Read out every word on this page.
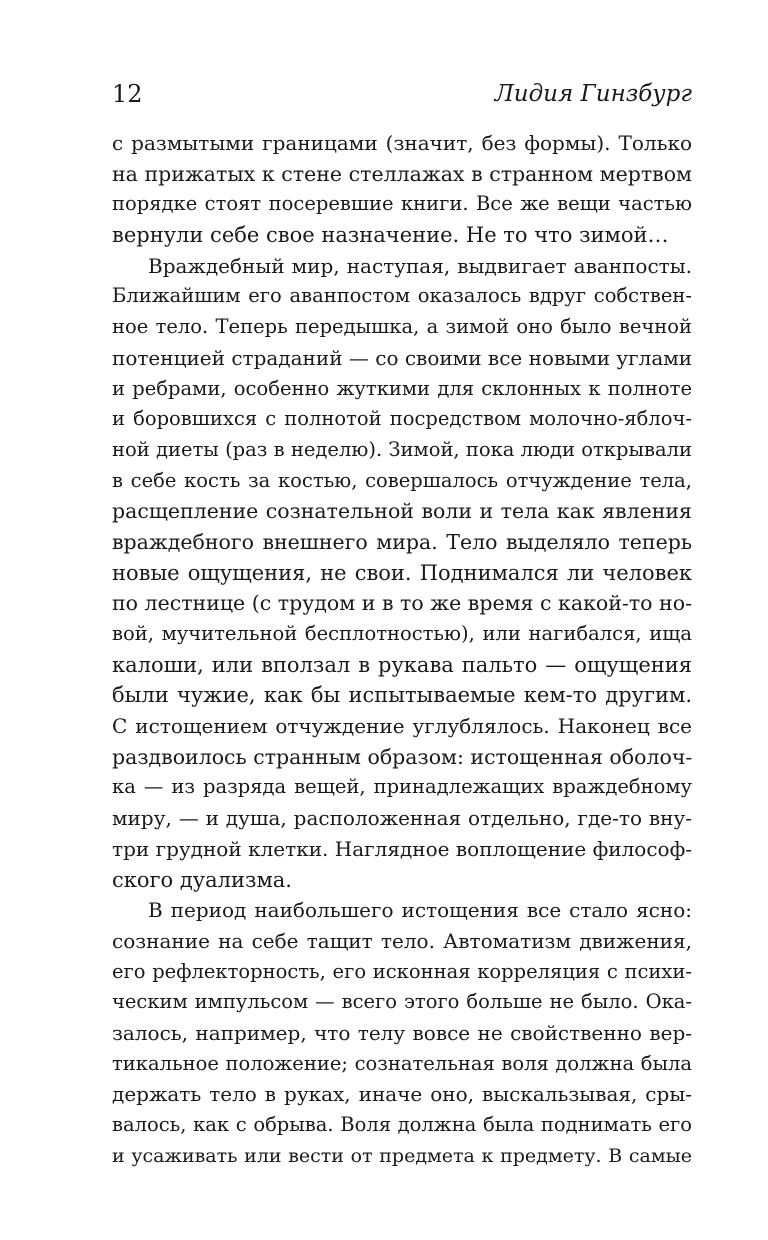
12	Лидия Гинзбург
с размытыми границами (значит, без формы). Только
на прижатых к стене стеллажах в странном мертвом
порядке стоят посеревшие книги. Все же вещи частью
вернули себе свое назначение. Не то что зимой…
Враждебный мир, наступая, выдвигает аванпосты.
Ближайшим его аванпостом оказалось вдруг собствен-
ное тело. Теперь передышка, а зимой оно было вечной
потенцией страданий — со своими все новыми углами
и ребрами, особенно жуткими для склонных к полноте
и боровшихся с полнотой посредством молочно-яблоч-
ной диеты (раз в неделю). Зимой, пока люди открывали
в себе кость за костью, совершалось отчуждение тела,
расщепление сознательной воли и тела как явления
враждебного внешнего мира. Тело выделяло теперь
новые ощущения, не свои. Поднимался ли человек
по лестнице (с трудом и в то же время с какой-то но-
вой, мучительной бесплотностью), или нагибался, ища
калоши, или вползал в рукава пальто — ощущения
были чужие, как бы испытываемые кем-то другим.
С истощением отчуждение углублялось. Наконец все
раздвоилось странным образом: истощенная оболоч-
ка — из разряда вещей, принадлежащих враждебному
миру, — и душа, расположенная отдельно, где-то вну-
три грудной клетки. Наглядное воплощение философ-
ского дуализма.
В период наибольшего истощения все стало ясно:
сознание на себе тащит тело. Автоматизм движения,
его рефлекторность, его исконная корреляция с психи-
ческим импульсом — всего этого больше не было. Ока-
залось, например, что телу вовсе не свойственно вер-
тикальное положение; сознательная воля должна была
держать тело в руках, иначе оно, выскальзывая, сры-
валось, как с обрыва. Воля должна была поднимать его
и усаживать или вести от предмета к предмету. В самые
